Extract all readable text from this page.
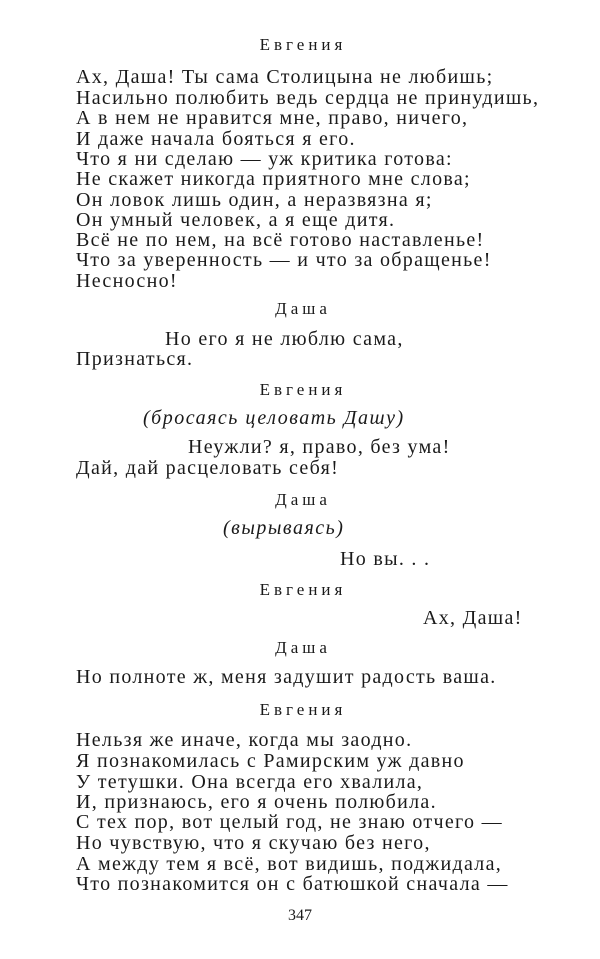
Евгения
Ах, Даша! Ты сама Столицына не любишь;
Насильно полюбить ведь сердца не принудишь,
А в нем не нравится мне, право, ничего,
И даже начала бояться я его.
Что я ни сделаю — уж критика готова:
Не скажет никогда приятного мне слова;
Он ловок лишь один, а неразвязна я;
Он умный человек, а я еще дитя.
Всё не по нем, на всё готово наставленье!
Что за уверенность — и что за обращенье!
Несносно!
Даша
Но его я не люблю сама,
Признаться.
Евгения
(бросаясь целовать Дашу)
Неужли? я, право, без ума!
Дай, дай расцеловать себя!
Даша
(вырываясь)
Но вы. . .
Евгения
Ах, Даша!
Даша
Но полноте ж, меня задушит радость ваша.
Евгения
Нельзя же иначе, когда мы заодно.
Я познакомилась с Рамирским уж давно
У тетушки. Она всегда его хвалила,
И, признаюсь, его я очень полюбила.
С тех пор, вот целый год, не знаю отчего —
Но чувствую, что я скучаю без него,
А между тем я всё, вот видишь, поджидала,
Что познакомится он с батюшкой сначала —
347
